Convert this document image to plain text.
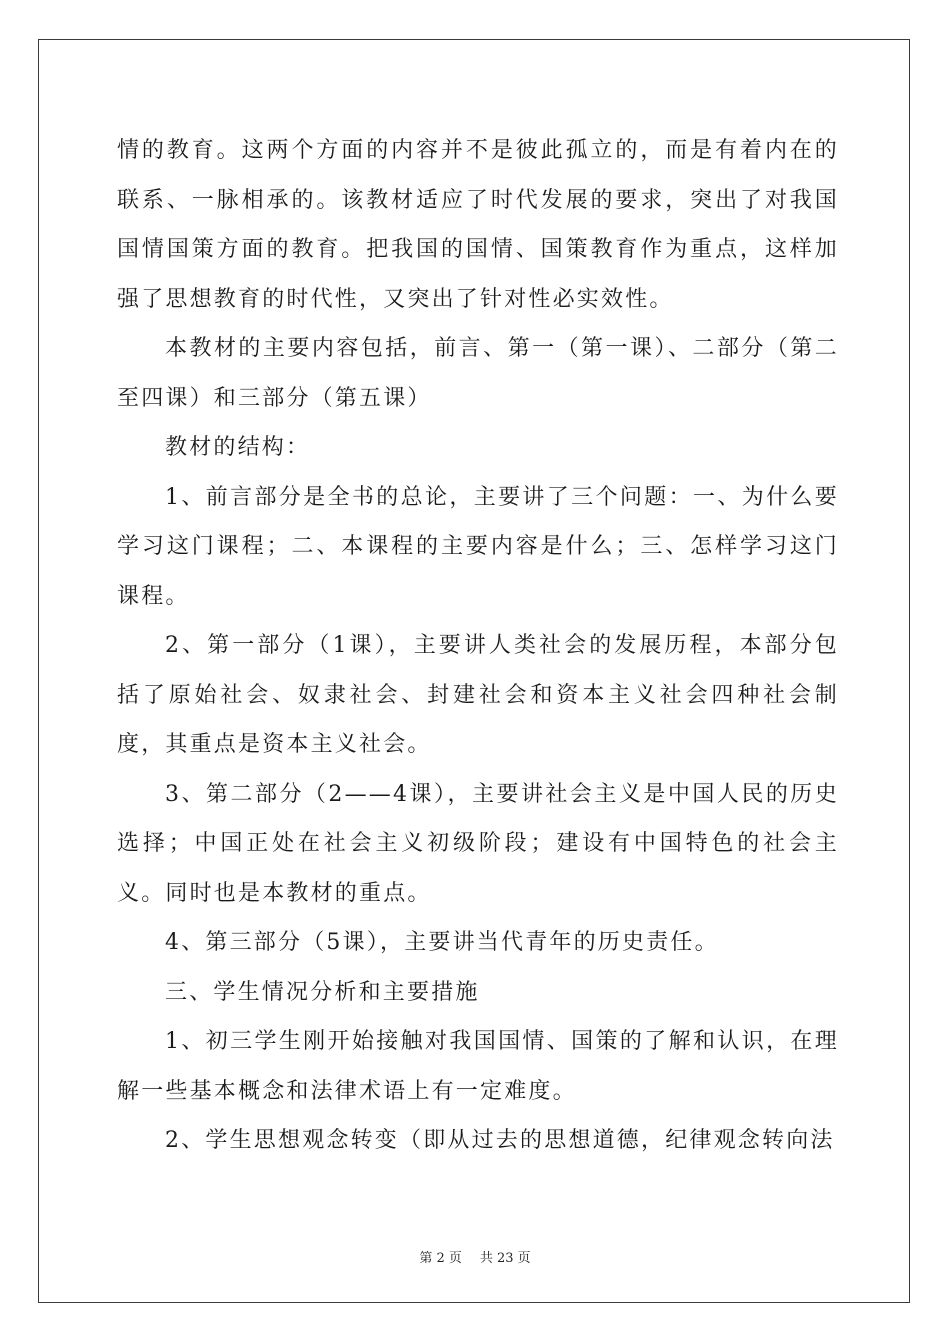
情的教育。这两个方面的内容并不是彼此孤立的，而是有着内在的联系、一脉相承的。该教材适应了时代发展的要求，突出了对我国国情国策方面的教育。把我国的国情、国策教育作为重点，这样加强了思想教育的时代性，又突出了针对性必实效性。

本教材的主要内容包括，前言、第一（第一课）、二部分（第二至四课）和三部分（第五课）

教材的结构：

1、前言部分是全书的总论，主要讲了三个问题：一、为什么要学习这门课程；二、本课程的主要内容是什么；三、怎样学习这门课程。

2、第一部分（1课），主要讲人类社会的发展历程，本部分包括了原始社会、奴隶社会、封建社会和资本主义社会四种社会制度，其重点是资本主义社会。

3、第二部分（2——4课），主要讲社会主义是中国人民的历史选择；中国正处在社会主义初级阶段；建设有中国特色的社会主义。同时也是本教材的重点。

4、第三部分（5课），主要讲当代青年的历史责任。

三、学生情况分析和主要措施

1、初三学生刚开始接触对我国国情、国策的了解和认识，在理解一些基本概念和法律术语上有一定难度。

2、学生思想观念转变（即从过去的思想道德，纪律观念转向法

第 2 页 共 23 页
